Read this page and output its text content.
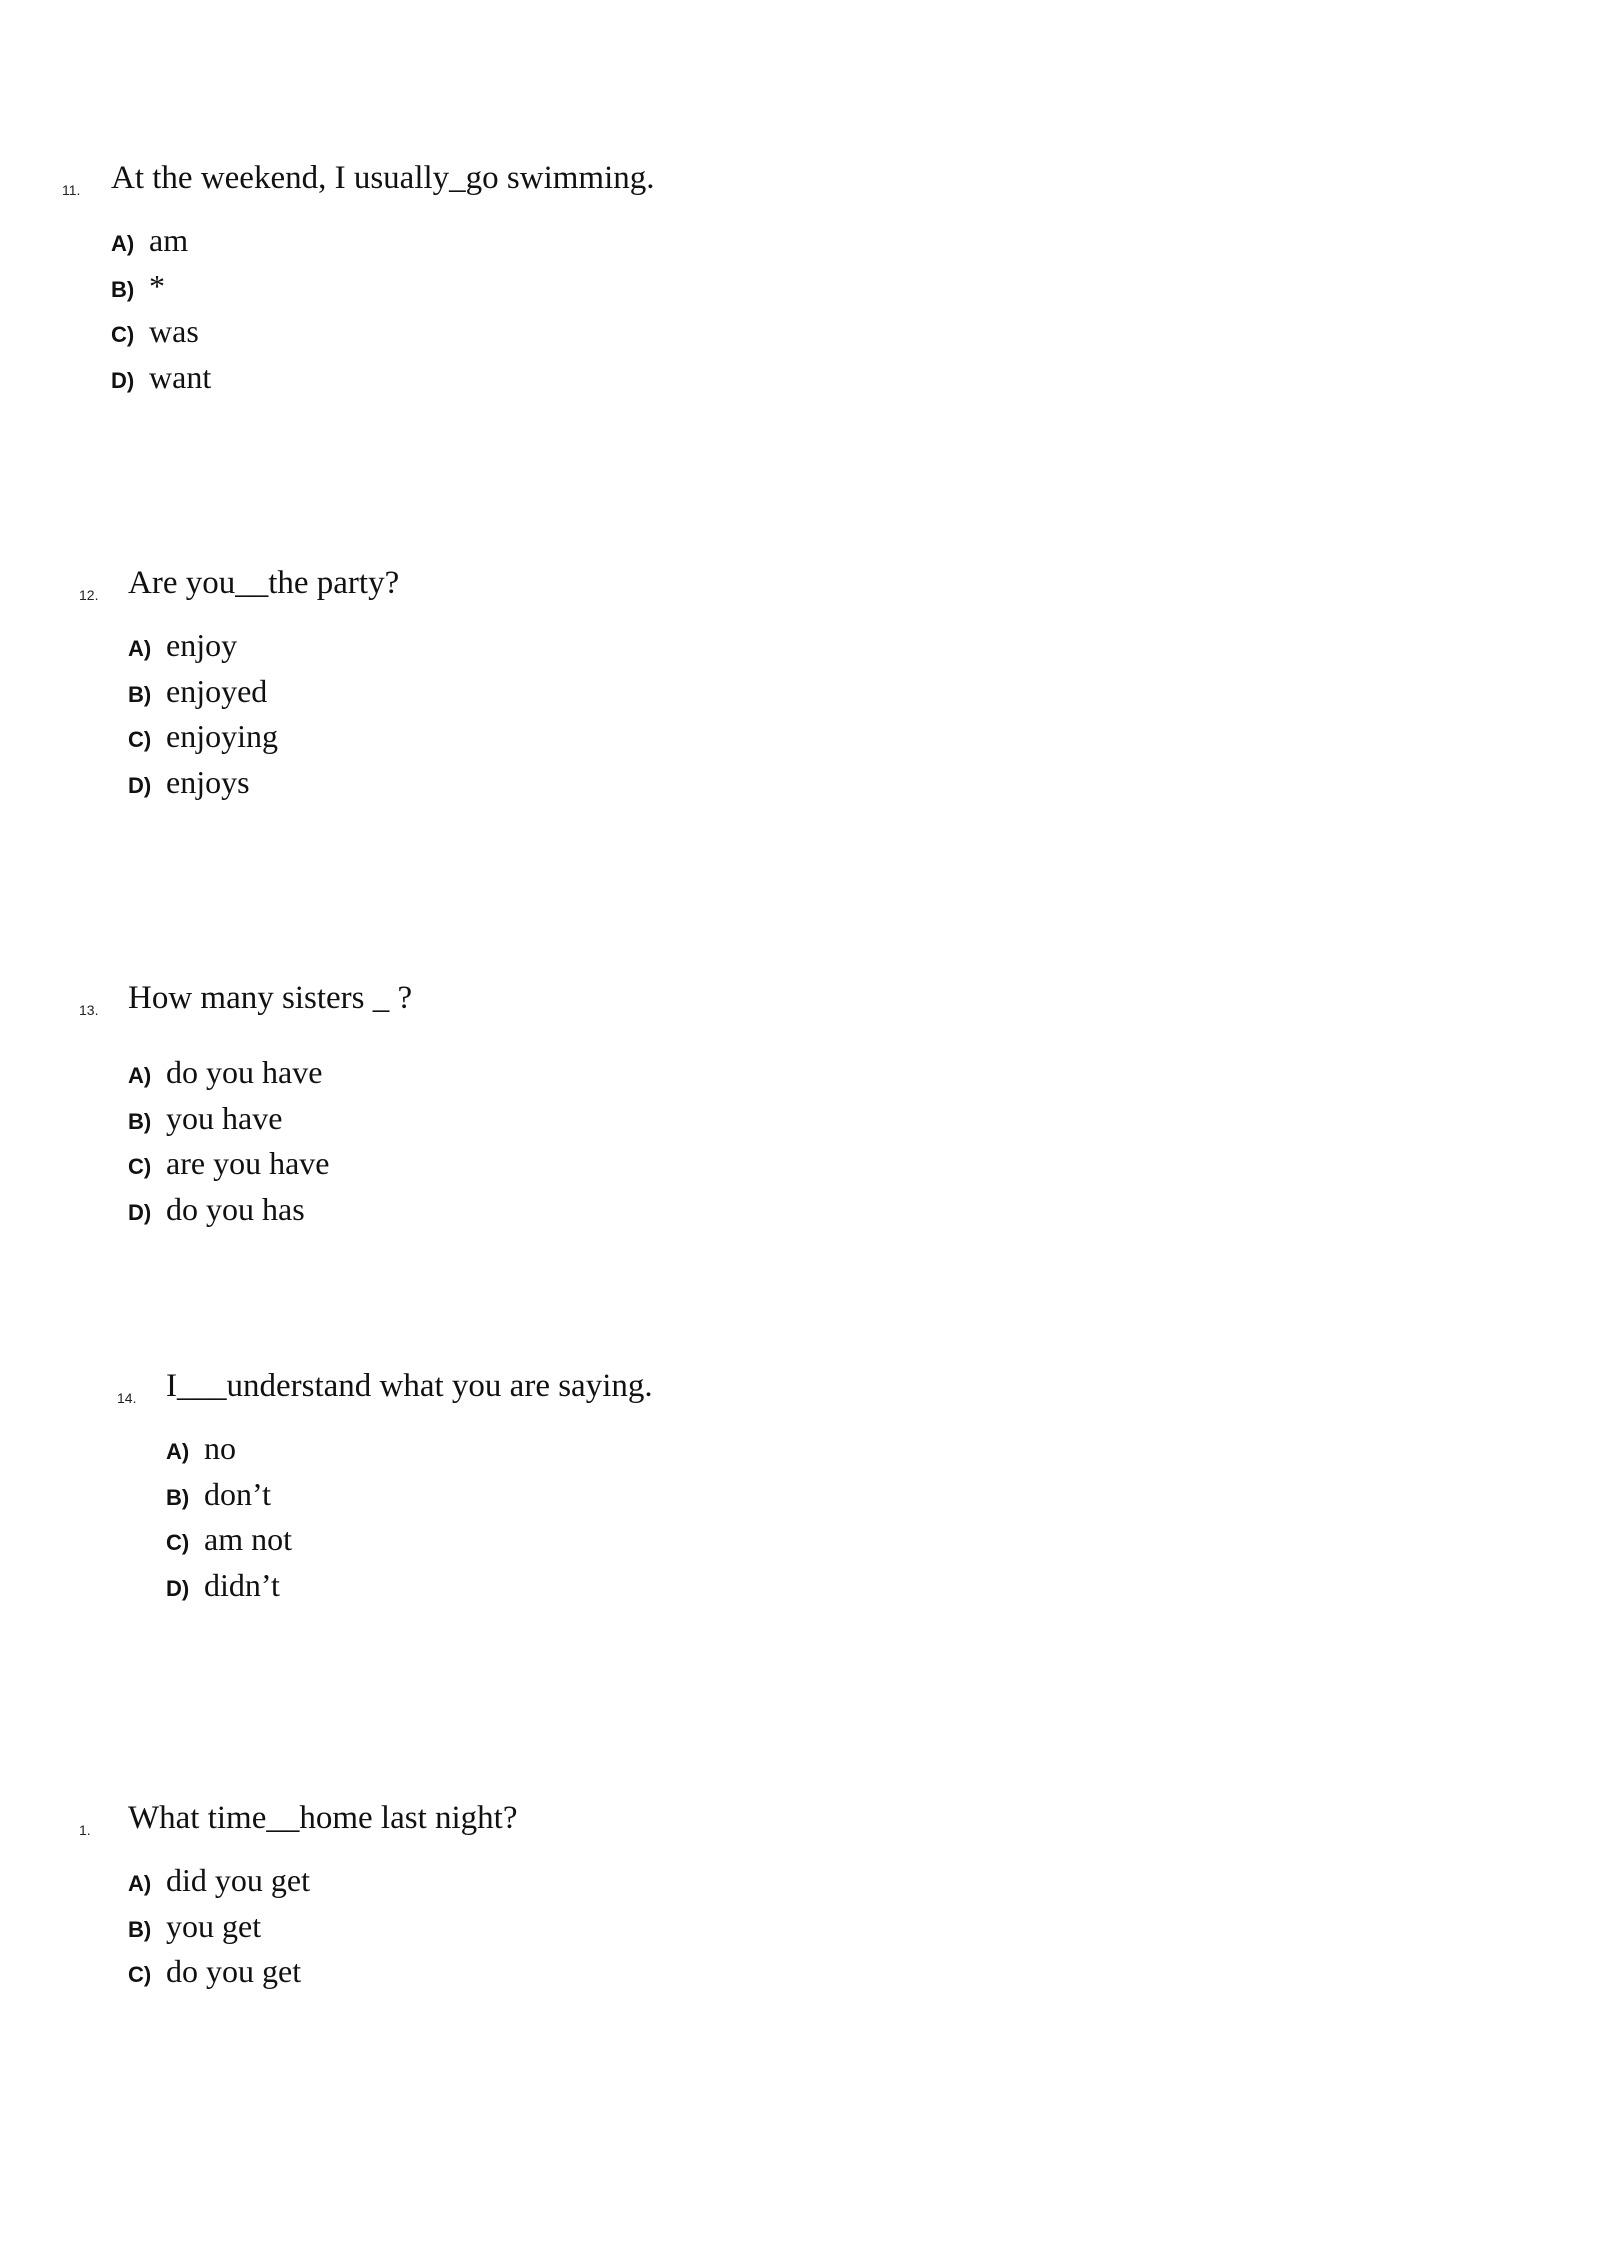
11. At the weekend, I usually_go swimming.
A) am
B) *
C) was
D) want
12. Are you__the party?
A) enjoy
B) enjoyed
C) enjoying
D) enjoys
13. How many sisters _ ?
A) do you have
B) you have
C) are you have
D) do you has
14. I___understand what you are saying.
A) no
B) don’t
C) am not
D) didn’t
1. What time__home last night?
A) did you get
B) you get
C) do you get
